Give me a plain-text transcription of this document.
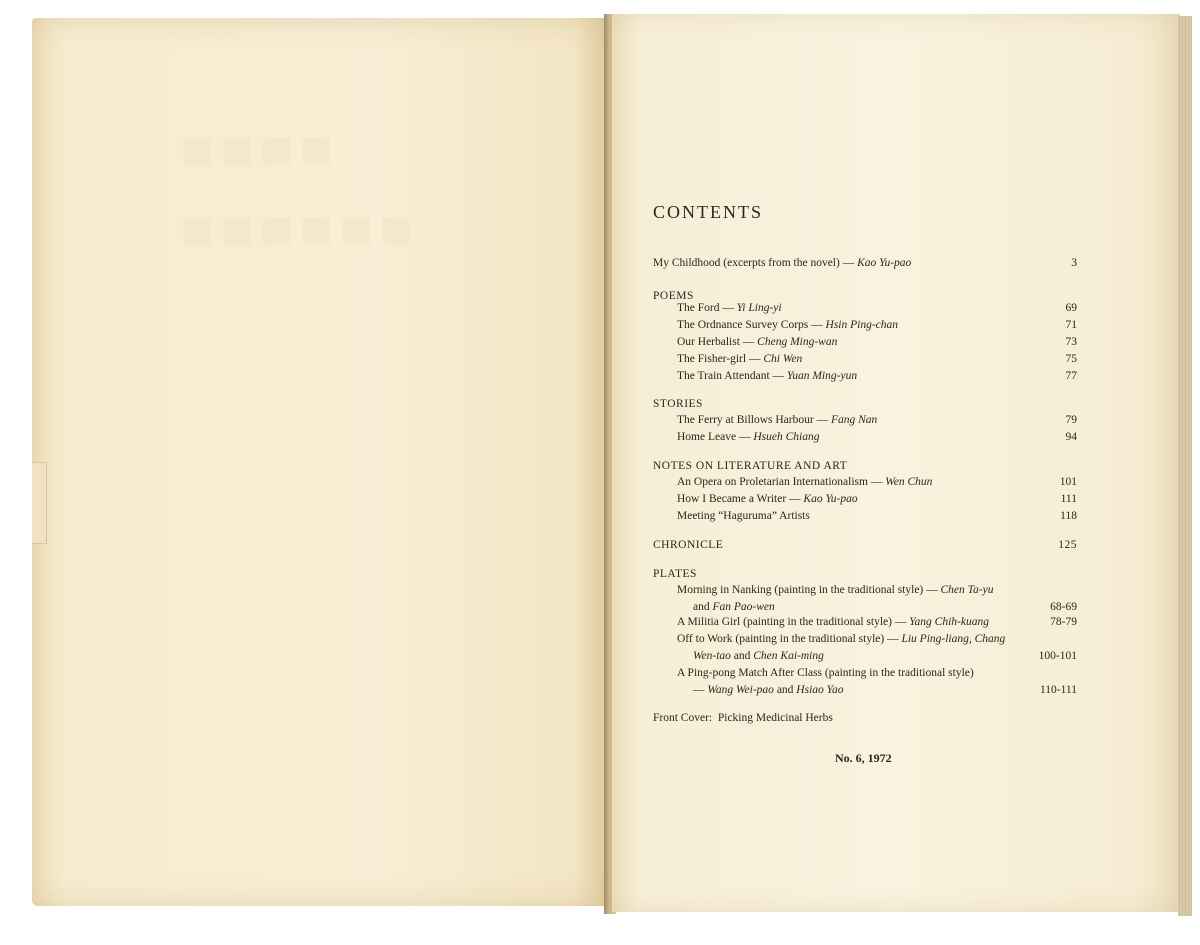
■■■■
■■■■■■	CONTENTS
My Childhood (excerpts from the novel) — Kao Yu-pao	3
POEMS
The Ford — Yi Ling-yi	69
The Ordnance Survey Corps — Hsin Ping-chan	71
Our Herbalist — Cheng Ming-wan	73
The Fisher-girl — Chi Wen	75
The Train Attendant — Yuan Ming-yun	77
STORIES
The Ferry at Billows Harbour — Fang Nan	79
Home Leave — Hsueh Chiang	94
NOTES ON LITERATURE AND ART
An Opera on Proletarian Internationalism — Wen Chun	101
How I Became a Writer — Kao Yu-pao	111
Meeting “Haguruma” Artists	118
CHRONICLE	125
PLATES
Morning in Nanking (painting in the traditional style) — Chen Ta-yu
and Fan Pao-wen	68-69
A Militia Girl (painting in the traditional style) — Yang Chih-kuang	78-79
Off to Work (painting in the traditional style) — Liu Ping-liang, Chang
Wen-tao and Chen Kai-ming	100-101
A Ping-pong Match After Class (painting in the traditional style)
— Wang Wei-pao and Hsiao Yao	110-111
Front Cover: Picking Medicinal Herbs
No. 6, 1972
